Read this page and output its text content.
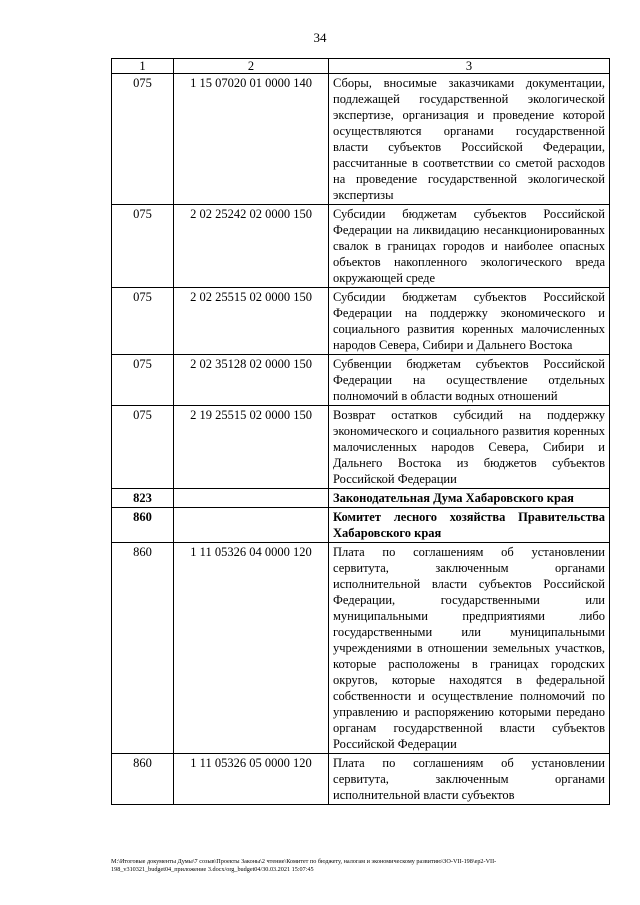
34
1	2	3
075	1 15 07020 01 0000 140	Сборы, вносимые заказчиками документации, подлежащей государственной экологической экспертизе, организация и проведение которой осуществляются органами государственной власти субъектов Российской Федерации, рассчитанные в соответствии со сметой расходов на проведение государственной экологической экспертизы
075	2 02 25242 02 0000 150	Субсидии бюджетам субъектов Российской Федерации на ликвидацию несанкционированных свалок в границах городов и наиболее опасных объектов накопленного экологического вреда окружающей среде
075	2 02 25515 02 0000 150	Субсидии бюджетам субъектов Российской Федерации на поддержку экономического и социального развития коренных малочисленных народов Севера, Сибири и Дальнего Востока
075	2 02 35128 02 0000 150	Субвенции бюджетам субъектов Российской Федерации на осуществление отдельных полномочий в области водных отношений
075	2 19 25515 02 0000 150	Возврат остатков субсидий на поддержку экономического и социального развития коренных малочисленных народов Севера, Сибири и Дальнего Востока из бюджетов субъектов Российской Федерации
823		Законодательная Дума Хабаровского края
860		Комитет лесного хозяйства Правительства Хабаровского края
860	1 11 05326 04 0000 120	Плата по соглашениям об установлении сервитута, заключенным органами исполнительной власти субъектов Российской Федерации, государственными или муниципальными предприятиями либо государственными или муниципальными учреждениями в отношении земельных участков, которые расположены в границах городских округов, которые находятся в федеральной собственности и осуществление полномочий по управлению и распоряжению которыми передано органам государственной власти субъектов Российской Федерации
860	1 11 05326 05 0000 120	Плата по соглашениям об установлении сервитута, заключенным органами исполнительной власти субъектов
M:\Итоговые документы Думы\7 созыв\Проекты Законы\2 чтение\Комитет по бюджету, налогам и экономическому развитию\ЗО-VII-198\ep2-VII-
198_v310321_budget04_приложение 3.docx/org_budget04/30.03.2021 15:07:45
